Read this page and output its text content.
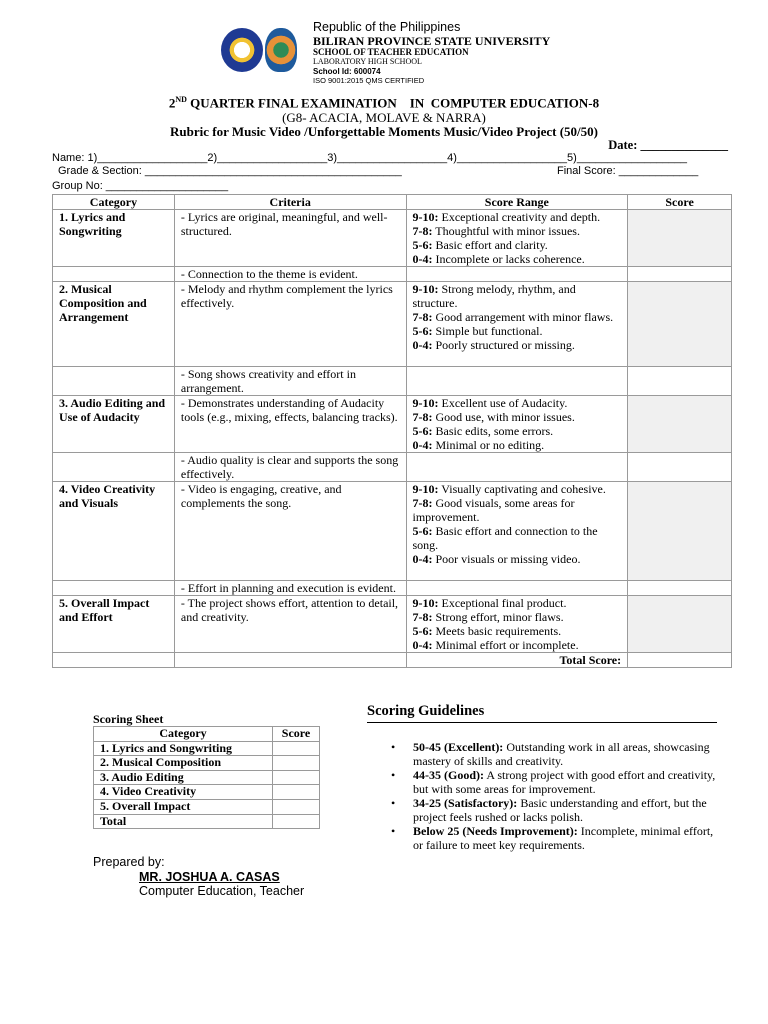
Republic of the Philippines
BILIRAN PROVINCE STATE UNIVERSITY
SCHOOL OF TEACHER EDUCATION
LABORATORY HIGH SCHOOL
School Id: 600074
ISO 9001:2015 QMS CERTIFIED
2ND QUARTER FINAL EXAMINATION    IN  COMPUTER EDUCATION-8
(G8- ACACIA, MOLAVE & NARRA)
Rubric for Music Video /Unforgettable Moments Music/Video Project (50/50)
Date: ______________
Name: 1)__________________2)__________________3)__________________4)__________________5)__________________
Grade & Section: __________________________________________	Final Score: _____________
Group No: ____________________
Category	Criteria	Score Range	Score
1. Lyrics and Songwriting	- Lyrics are original, meaningful, and well-structured.	9-10: Exceptional creativity and depth.
7-8: Thoughtful with minor issues.
5-6: Basic effort and clarity.
0-4: Incomplete or lacks coherence.	

	- Connection to the theme is evident.		
2. Musical Composition and Arrangement	- Melody and rhythm complement the lyrics effectively.	9-10: Strong melody, rhythm, and structure.
7-8: Good arrangement with minor flaws.
5-6: Simple but functional.
0-4: Poorly structured or missing.	

	- Song shows creativity and effort in arrangement.		
3. Audio Editing and Use of Audacity	- Demonstrates understanding of Audacity tools (e.g., mixing, effects, balancing tracks).	9-10: Excellent use of Audacity.
7-8: Good use, with minor issues.
5-6: Basic edits, some errors.
0-4: Minimal or no editing.	

	- Audio quality is clear and supports the song effectively.		
4. Video Creativity and Visuals	- Video is engaging, creative, and complements the song.	9-10: Visually captivating and cohesive.
7-8: Good visuals, some areas for improvement.
5-6: Basic effort and connection to the song.
0-4: Poor visuals or missing video.	

	- Effort in planning and execution is evident.		
5. Overall Impact and Effort	- The project shows effort, attention to detail, and creativity.	9-10: Exceptional final product.
7-8: Strong effort, minor flaws.
5-6: Meets basic requirements.
0-4: Minimal effort or incomplete.	

		Total Score:	
Scoring Sheet
Category	Score
1. Lyrics and Songwriting	
2. Musical Composition	
3. Audio Editing	
4. Video Creativity	
5. Overall Impact	
Total	
Scoring Guidelines
• 50-45 (Excellent): Outstanding work in all areas, showcasing mastery of skills and creativity.
• 44-35 (Good): A strong project with good effort and creativity, but with some areas for improvement.
• 34-25 (Satisfactory): Basic understanding and effort, but the project feels rushed or lacks polish.
• Below 25 (Needs Improvement): Incomplete, minimal effort, or failure to meet key requirements.
Prepared by:
MR. JOSHUA A. CASAS
Computer Education, Teacher
